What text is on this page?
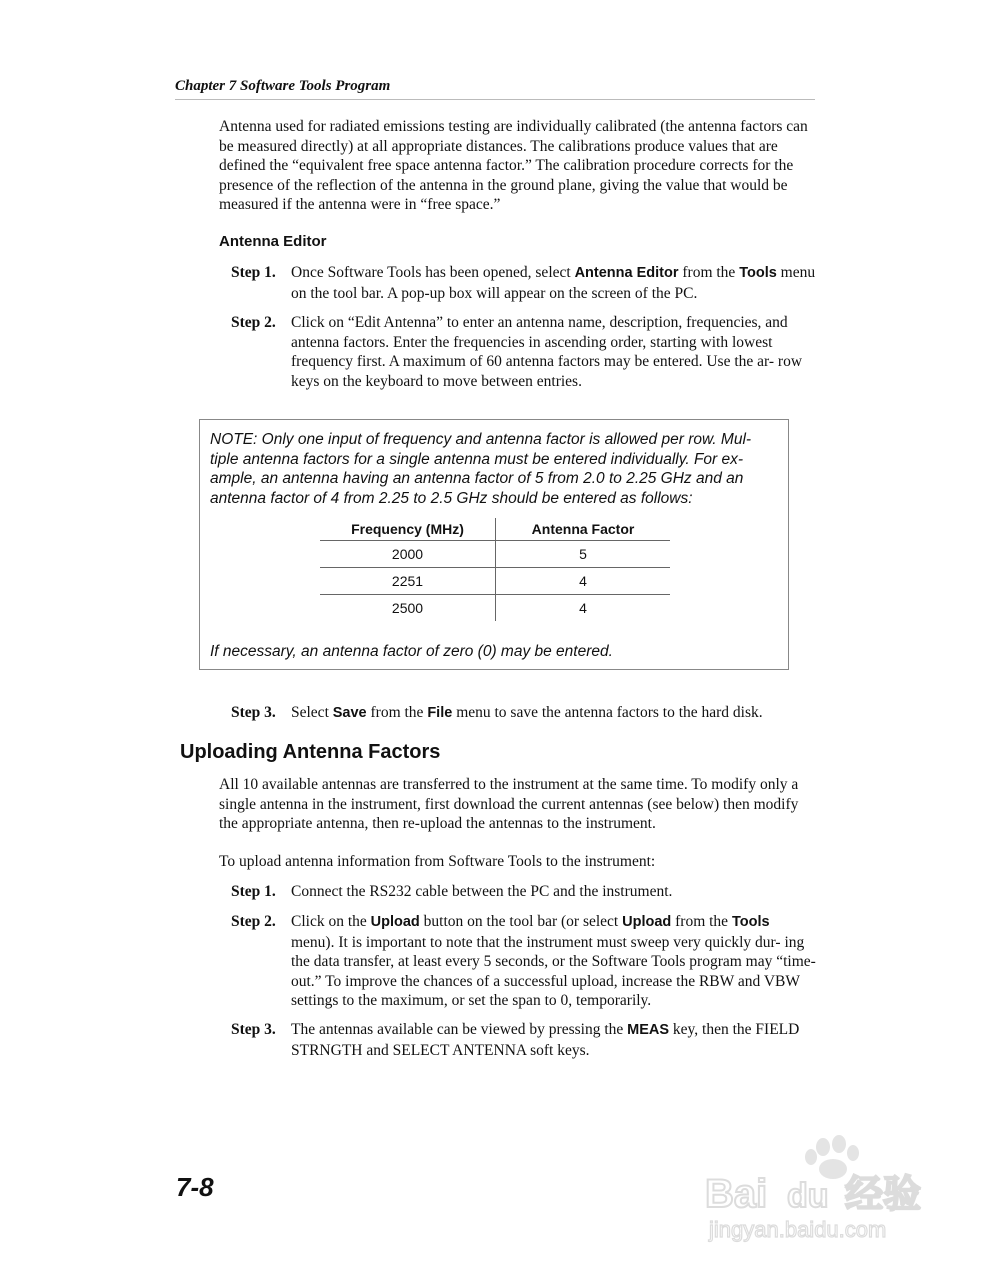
Chapter 7 Software Tools Program
Antenna used for radiated emissions testing are individually calibrated (the antenna factors can be measured directly) at all appropriate distances. The calibrations produce values that are defined the “equivalent free space antenna factor.” The calibration procedure corrects for the presence of the reflection of the antenna in the ground plane, giving the value that would be measured if the antenna were in “free space.”
Antenna Editor
Step 1. Once Software Tools has been opened, select Antenna Editor from the Tools menu on the tool bar. A pop-up box will appear on the screen of the PC.
Step 2. Click on “Edit Antenna” to enter an antenna name, description, frequencies, and antenna factors. Enter the frequencies in ascending order, starting with lowest frequency first. A maximum of 60 antenna factors may be entered. Use the ar- row keys on the keyboard to move between entries.
NOTE: Only one input of frequency and antenna factor is allowed per row. Mul- tiple antenna factors for a single antenna must be entered individually. For ex- ample, an antenna having an antenna factor of 5 from 2.0 to 2.25 GHz and an antenna factor of 4 from 2.25 to 2.5 GHz should be entered as follows:
Frequency (MHz)	Antenna Factor
2000	5
2251	4
2500	4
If necessary, an antenna factor of zero (0) may be entered.
Step 3. Select Save from the File menu to save the antenna factors to the hard disk.
Uploading Antenna Factors
All 10 available antennas are transferred to the instrument at the same time. To modify only a single antenna in the instrument, first download the current antennas (see below) then modify the appropriate antenna, then re-upload the antennas to the instrument.
To upload antenna information from Software Tools to the instrument:
Step 1. Connect the RS232 cable between the PC and the instrument.
Step 2. Click on the Upload button on the tool bar (or select Upload from the Tools menu). It is important to note that the instrument must sweep very quickly dur- ing the data transfer, at least every 5 seconds, or the Software Tools program may “time-out.” To improve the chances of a successful upload, increase the RBW and VBW settings to the maximum, or set the span to 0, temporarily.
Step 3. The antennas available can be viewed by pressing the MEAS key, then the FIELD STRNGTH and SELECT ANTENNA soft keys.
7-8	Bai du 经验
jingyan.baidu.com
